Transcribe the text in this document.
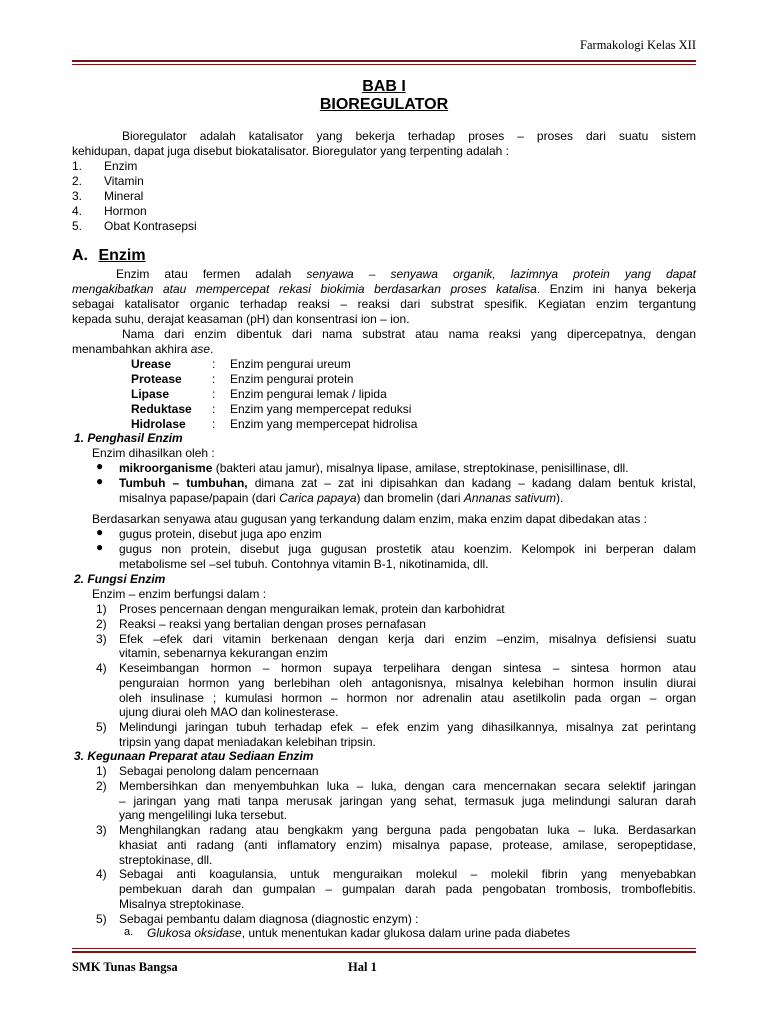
Farmakologi Kelas XII
BAB I
BIOREGULATOR
Bioregulator adalah katalisator yang bekerja terhadap proses – proses dari suatu sistem
kehidupan, dapat juga disebut biokatalisator. Bioregulator yang terpenting adalah :
1. Enzim
2. Vitamin
3. Mineral
4. Hormon
5. Obat Kontrasepsi
A. Enzim
Enzim atau fermen adalah senyawa – senyawa organik, lazimnya protein yang dapat
mengakibatkan atau mempercepat rekasi biokimia berdasarkan proses katalisa. Enzim ini hanya bekerja
sebagai katalisator organic terhadap reaksi – reaksi dari substrat spesifik. Kegiatan enzim tergantung
kepada suhu, derajat keasaman (pH) dan konsentrasi ion – ion.
Nama dari enzim dibentuk dari nama substrat atau nama reaksi yang dipercepatnya, dengan
menambahkan akhira ase.
Urease	: Enzim pengurai ureum
Protease	: Enzim pengurai protein
Lipase	: Enzim pengurai lemak / lipida
Reduktase : Enzim yang mempercepat reduksi
Hidrolase : Enzim yang mempercepat hidrolisa
1. Penghasil Enzim
Enzim dihasilkan oleh :
● mikroorganisme (bakteri atau jamur), misalnya lipase, amilase, streptokinase, penisillinase, dll.
● Tumbuh – tumbuhan, dimana zat – zat ini dipisahkan dan kadang – kadang dalam bentuk kristal,
misalnya papase/papain (dari Carica papaya) dan bromelin (dari Annanas sativum).
Berdasarkan senyawa atau gugusan yang terkandung dalam enzim, maka enzim dapat dibedakan atas :
● gugus protein, disebut juga apo enzim
● gugus non protein, disebut juga gugusan prostetik atau koenzim. Kelompok ini berperan dalam
metabolisme sel –sel tubuh. Contohnya vitamin B-1, nikotinamida, dll.
2. Fungsi Enzim
Enzim – enzim berfungsi dalam :
1) Proses pencernaan dengan menguraikan lemak, protein dan karbohidrat
2) Reaksi – reaksi yang bertalian dengan proses pernafasan
3) Efek –efek dari vitamin berkenaan dengan kerja dari enzim –enzim, misalnya defisiensi suatu
vitamin, sebenarnya kekurangan enzim
4) Keseimbangan hormon – hormon supaya terpelihara dengan sintesa – sintesa hormon atau
penguraian hormon yang berlebihan oleh antagonisnya, misalnya kelebihan hormon insulin diurai
oleh insulinase ; kumulasi hormon – hormon nor adrenalin atau asetilkolin pada organ – organ
ujung diurai oleh MAO dan kolinesterase.
5) Melindungi jaringan tubuh terhadap efek – efek enzim yang dihasilkannya, misalnya zat perintang
tripsin yang dapat meniadakan kelebihan tripsin.
3. Kegunaan Preparat atau Sediaan Enzim
1) Sebagai penolong dalam pencernaan
2) Membersihkan dan menyembuhkan luka – luka, dengan cara mencernakan secara selektif jaringan
– jaringan yang mati tanpa merusak jaringan yang sehat, termasuk juga melindungi saluran darah
yang mengelilingi luka tersebut.
3) Menghilangkan radang atau bengkakm yang berguna pada pengobatan luka – luka. Berdasarkan
khasiat anti radang (anti inflamatory enzim) misalnya papase, protease, amilase, seropeptidase,
streptokinase, dll.
4) Sebagai anti koagulansia, untuk menguraikan molekul – molekil fibrin yang menyebabkan
pembekuan darah dan gumpalan – gumpalan darah pada pengobatan trombosis, tromboflebitis.
Misalnya streptokinase.
5) Sebagai pembantu dalam diagnosa (diagnostic enzym) :
a. Glukosa oksidase, untuk menentukan kadar glukosa dalam urine pada diabetes
SMK Tunas Bangsa	Hal 1
